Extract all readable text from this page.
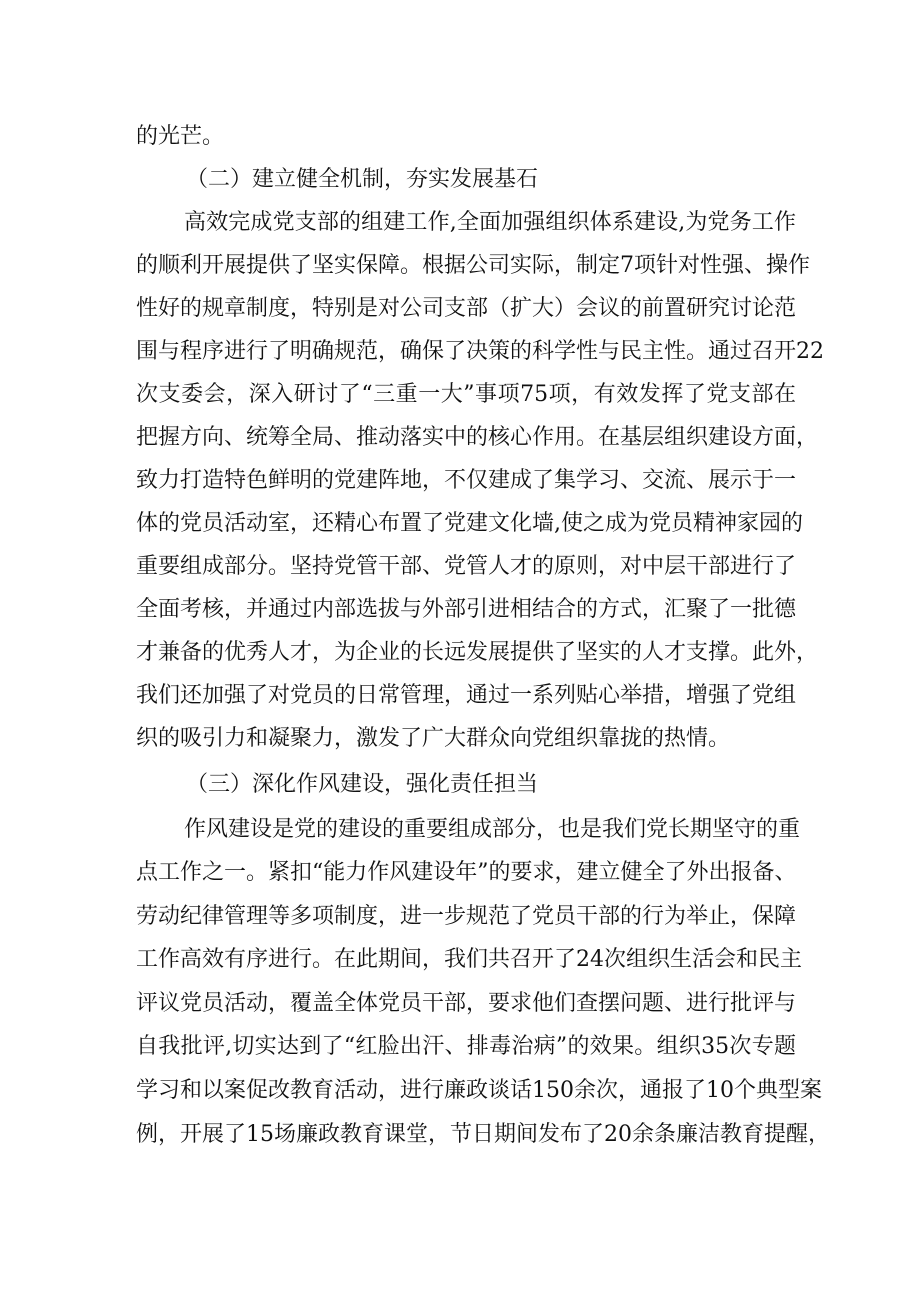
的光芒。
（二）建立健全机制，夯实发展基石
高效完成党支部的组建工作,全面加强组织体系建设,为党务工作
的顺利开展提供了坚实保障。根据公司实际，制定7项针对性强、操作
性好的规章制度，特别是对公司支部（扩大）会议的前置研究讨论范
围与程序进行了明确规范，确保了决策的科学性与民主性。通过召开22
次支委会，深入研讨了“三重一大”事项75项，有效发挥了党支部在
把握方向、统筹全局、推动落实中的核心作用。在基层组织建设方面，
致力打造特色鲜明的党建阵地，不仅建成了集学习、交流、展示于一
体的党员活动室，还精心布置了党建文化墙,使之成为党员精神家园的
重要组成部分。坚持党管干部、党管人才的原则，对中层干部进行了
全面考核，并通过内部选拔与外部引进相结合的方式，汇聚了一批德
才兼备的优秀人才，为企业的长远发展提供了坚实的人才支撑。此外，
我们还加强了对党员的日常管理，通过一系列贴心举措，增强了党组
织的吸引力和凝聚力，激发了广大群众向党组织靠拢的热情。
（三）深化作风建设，强化责任担当
作风建设是党的建设的重要组成部分，也是我们党长期坚守的重
点工作之一。紧扣“能力作风建设年”的要求，建立健全了外出报备、
劳动纪律管理等多项制度，进一步规范了党员干部的行为举止，保障
工作高效有序进行。在此期间，我们共召开了24次组织生活会和民主
评议党员活动，覆盖全体党员干部，要求他们查摆问题、进行批评与
自我批评,切实达到了“红脸出汗、排毒治病”的效果。组织35次专题
学习和以案促改教育活动，进行廉政谈话150余次，通报了10个典型案
例，开展了15场廉政教育课堂，节日期间发布了20余条廉洁教育提醒，
